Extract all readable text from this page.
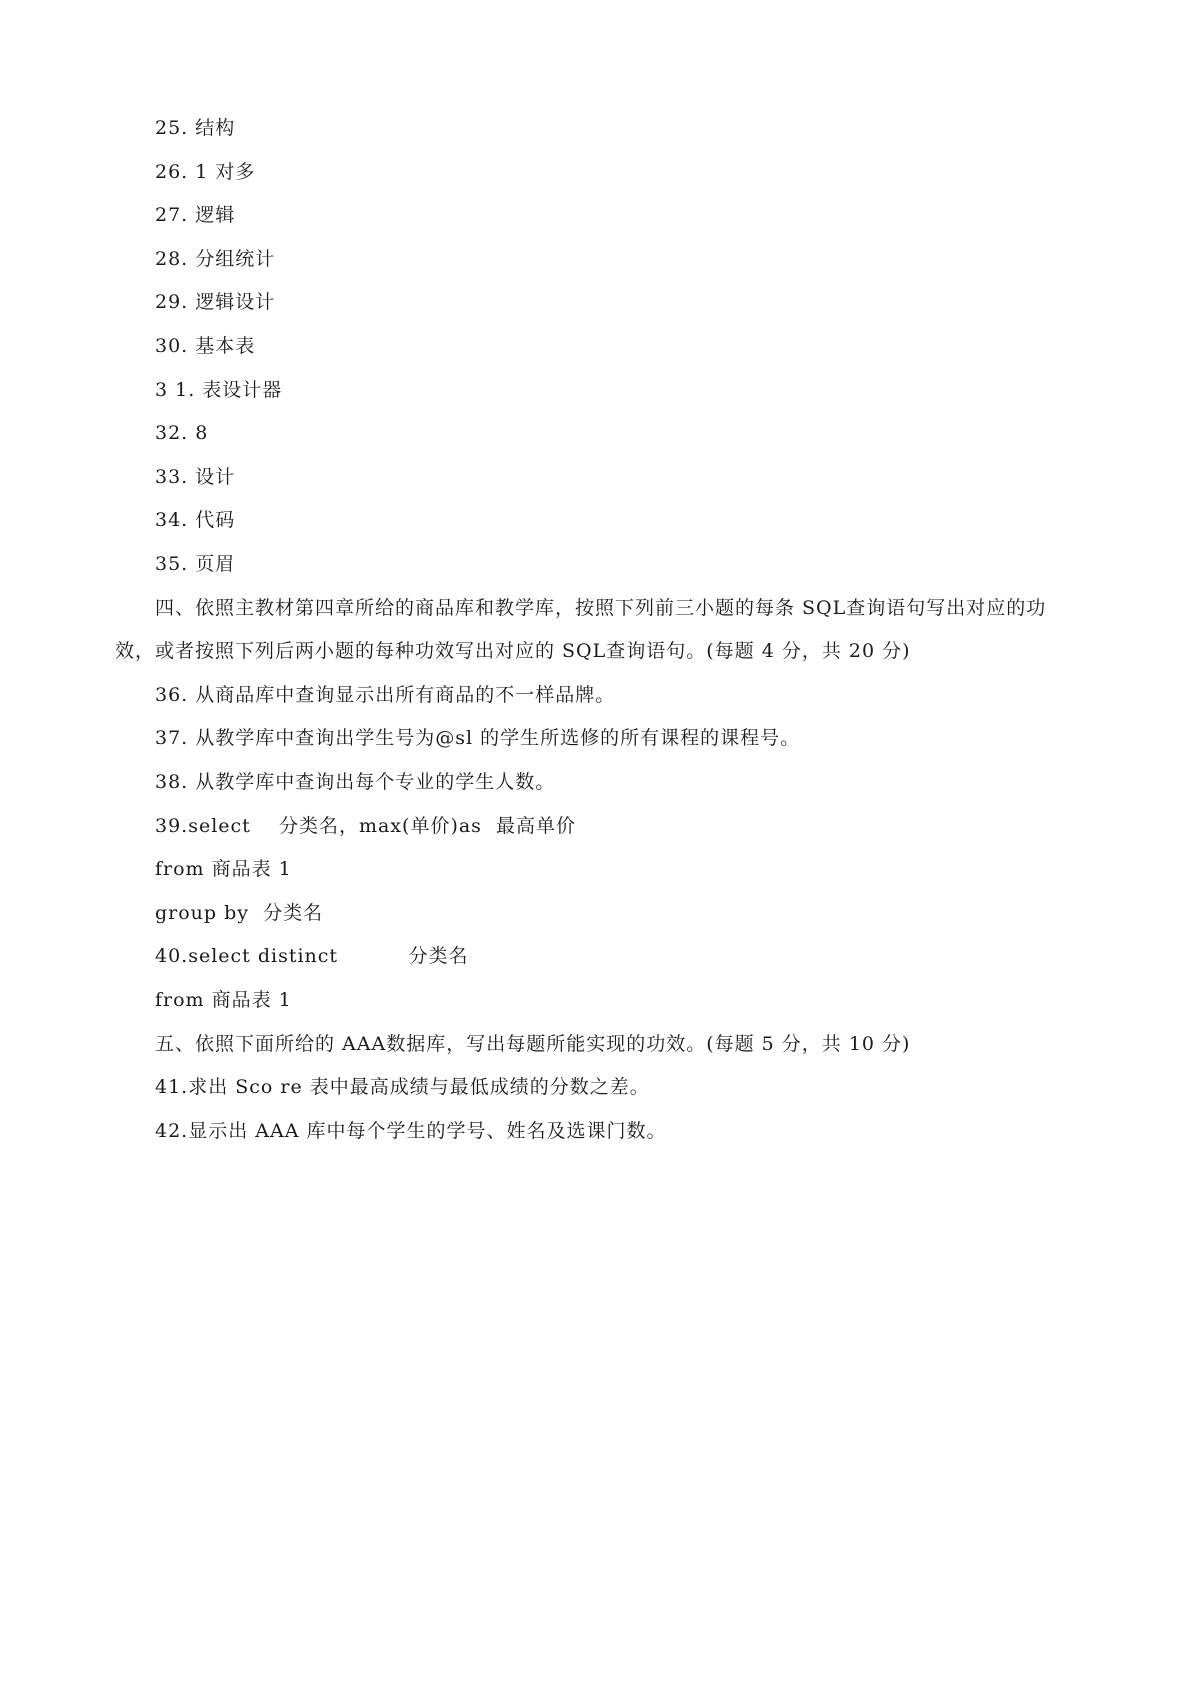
25. 结构
26. 1 对多
27. 逻辑
28. 分组统计
29. 逻辑设计
30. 基本表
3 1. 表设计器
32. 8
33. 设计
34. 代码
35. 页眉
四、依照主教材第四章所给的商品库和教学库，按照下列前三小题的每条 SQL查询语句写出对应的功
效，或者按照下列后两小题的每种功效写出对应的 SQL查询语句。(每题 4 分，共 20 分)
36. 从商品库中查询显示出所有商品的不一样品牌。
37. 从教学库中查询出学生号为@sl 的学生所选修的所有课程的课程号。
38. 从教学库中查询出每个专业的学生人数。
39.select    分类名，max(单价)as  最高单价
from 商品表 1
group by  分类名
40.select distinct          分类名
from 商品表 1
五、依照下面所给的 AAA数据库，写出每题所能实现的功效。(每题 5 分，共 10 分)
41.求出 Sco re 表中最高成绩与最低成绩的分数之差。
42.显示出 AAA 库中每个学生的学号、姓名及选课门数。
